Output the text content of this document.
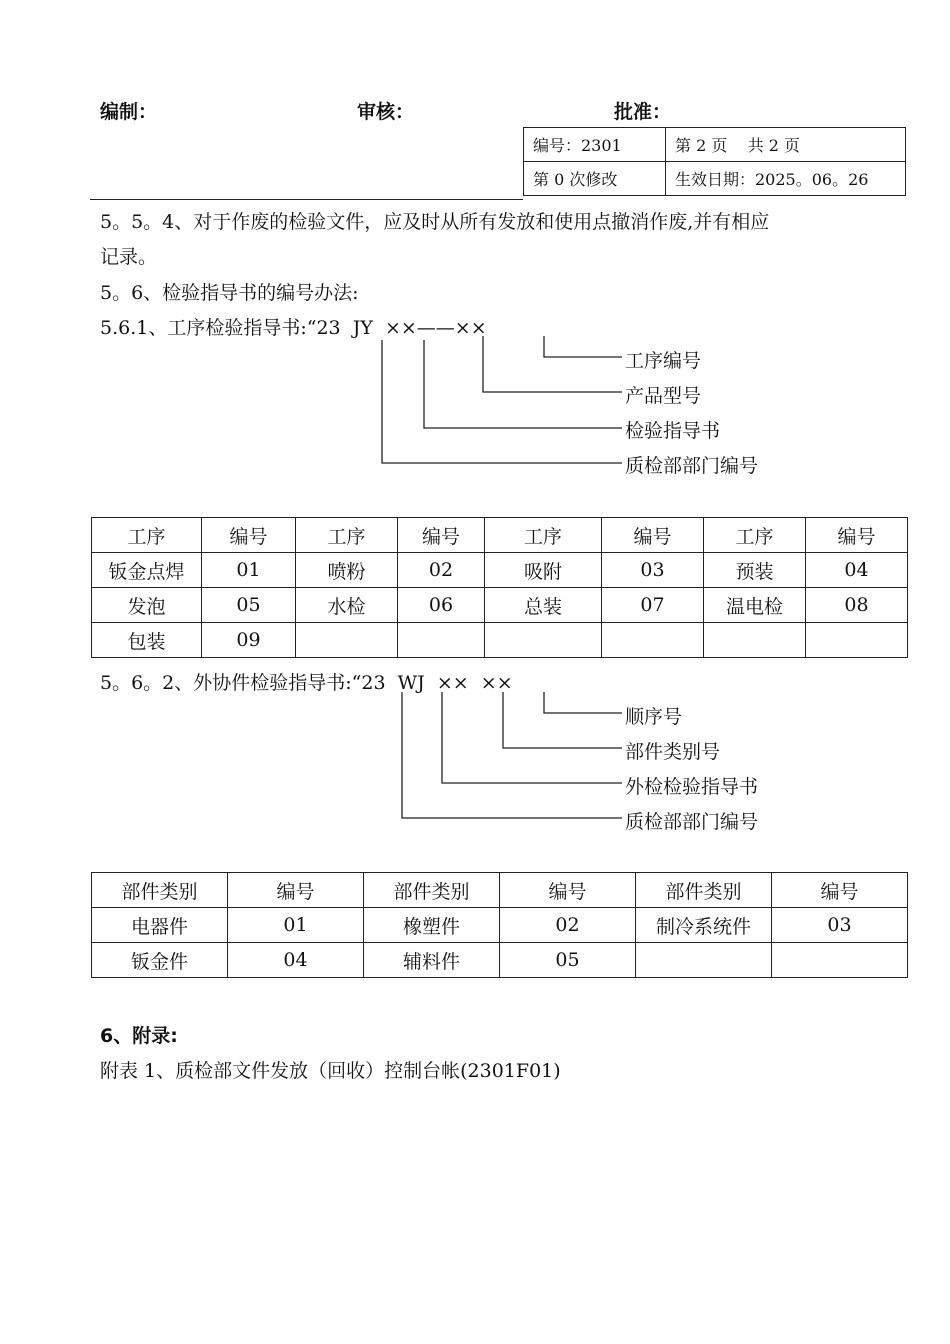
编制：	审核：	批准：
编号：2301	第 2 页    共 2 页
第 0 次修改	生效日期：2025。06。26
5。5。4、对于作废的检验文件，应及时从所有发放和使用点撤消作废,并有相应
记录。
5。6、检验指导书的编号办法:
5.6.1、工序检验指导书:“23  JY  ××——××
工序编号
产品型号
检验指导书
质检部部门编号
工序	编号	工序	编号	工序	编号	工序	编号
钣金点焊	01	喷粉	02	吸附	03	预装	04
发泡	05	水检	06	总装	07	温电检	08
包装	09						
5。6。2、外协件检验指导书:“23  WJ  ××  ××
顺序号
部件类别号
外检检验指导书
质检部部门编号
部件类别	编号	部件类别	编号	部件类别	编号
电器件	01	橡塑件	02	制冷系统件	03
钣金件	04	辅料件	05		
6、附录:
附表 1、质检部文件发放（回收）控制台帐(2301F01)
